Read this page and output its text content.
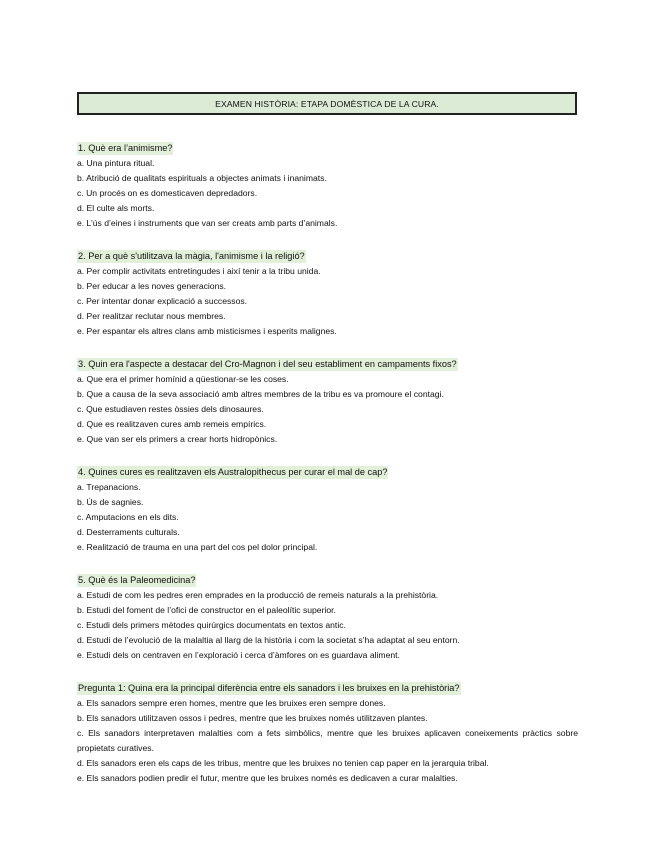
EXAMEN HISTÒRIA: ETAPA DOMÈSTICA DE LA CURA.
1. Què era l’animisme?
a. Una pintura ritual.
b. Atribució de qualitats espirituals a objectes animats i inanimats.
c. Un procés on es domesticaven depredadors.
d. El culte als morts.
e. L’ús d’eines i instruments que van ser creats amb parts d’animals.
2. Per a què s'utilitzava la màgia, l'animisme i la religió?
a. Per complir activitats entretingudes i així tenir a la tribu unida.
b. Per educar a les noves generacions.
c. Per intentar donar explicació a successos.
d. Per realitzar reclutar nous membres.
e. Per espantar els altres clans amb misticismes i esperits malignes.
3. Quin era l'aspecte a destacar del Cro-Magnon i del seu establiment en campaments fixos?
a. Que era el primer homínid a qüestionar-se les coses.
b. Que a causa de la seva associació amb altres membres de la tribu es va promoure el contagi.
c. Que estudiaven restes òssies dels dinosaures.
d. Que es realitzaven cures amb remeis empírics.
e. Que van ser els primers a crear horts hidropònics.
4. Quines cures es realitzaven els Australopithecus per curar el mal de cap?
a. Trepanacions.
b. Ús de sagnies.
c. Amputacions en els dits.
d. Desterraments culturals.
e. Realització de trauma en una part del cos pel dolor principal.
5. Què és la Paleomedicina?
a. Estudi de com les pedres eren emprades en la producció de remeis naturals a la prehistòria.
b. Estudi del foment de l’ofici de constructor en el paleolític superior.
c. Estudi dels primers mètodes quirúrgics documentats en textos antic.
d. Estudi de l’evolució de la malaltia al llarg de la història i com la societat s’ha adaptat al seu entorn.
e. Estudi dels on centraven en l’exploració i cerca d’àmfores on es guardava aliment.
Pregunta 1: Quina era la principal diferència entre els sanadors i les bruixes en la prehistòria?
a. Els sanadors sempre eren homes, mentre que les bruixes eren sempre dones.
b. Els sanadors utilitzaven ossos i pedres, mentre que les bruixes només utilitzaven plantes.
c. Els sanadors interpretaven malalties com a fets simbòlics, mentre que les bruixes aplicaven coneixements pràctics sobre propietats curatives.
d. Els sanadors eren els caps de les tribus, mentre que les bruixes no tenien cap paper en la jerarquia tribal.
e. Els sanadors podien predir el futur, mentre que les bruixes només es dedicaven a curar malalties.
